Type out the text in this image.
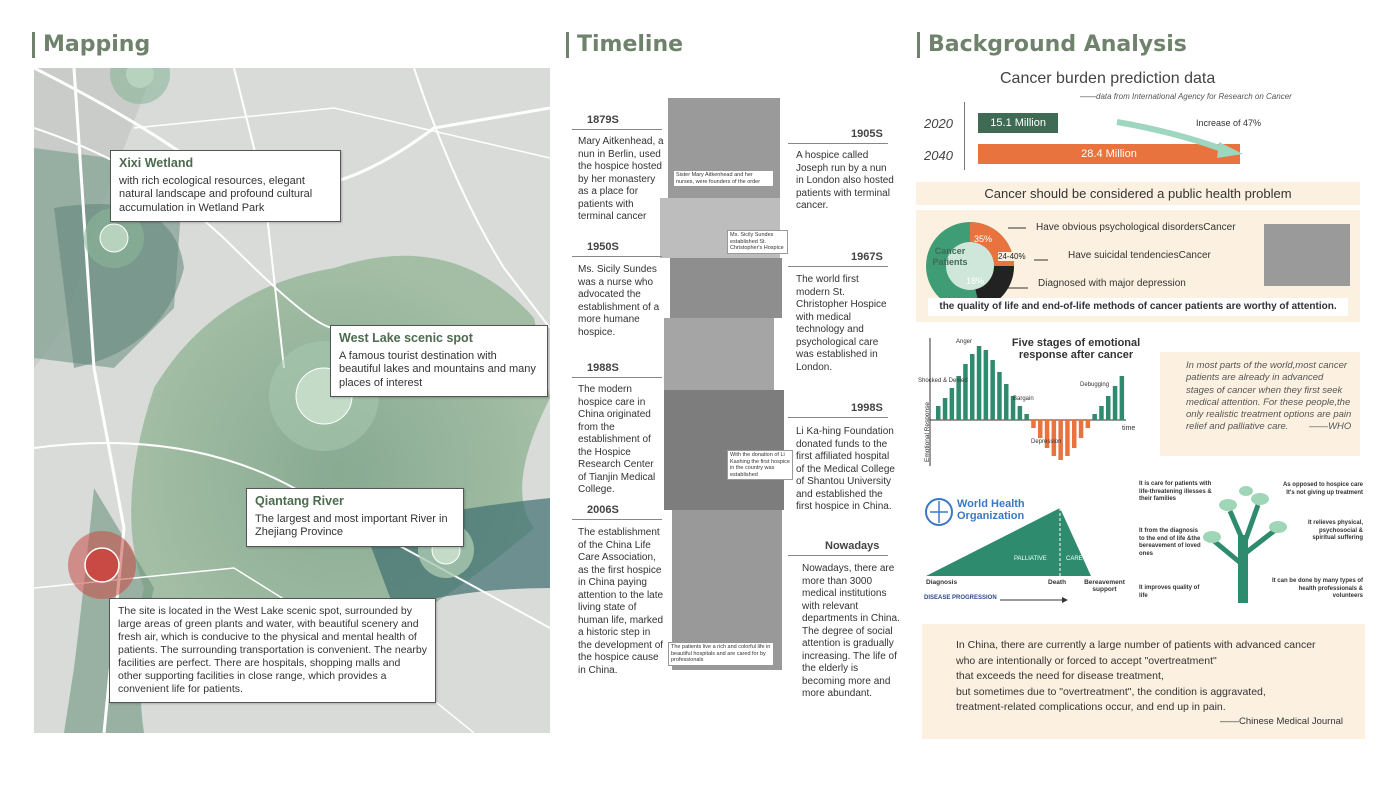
Mapping	Timeline	Background Analysis
Xixi Wetland
with rich ecological resources, elegant natural landscape and profound cultural accumulation in Wetland Park
West Lake scenic spot
A famous tourist destination with beautiful lakes and mountains and many places of interest
Qiantang River
The largest and most important River in Zhejiang Province
The site is located in the West Lake scenic spot, surrounded by large areas of green plants and water, with beautiful scenery and fresh air, which is conducive to the physical and mental health of patients. The surrounding transportation is convenient. The nearby facilities are perfect. There are hospitals, shopping malls and other supporting facilities in close range, which provides a convenient life for patients.
Sister Mary Aitkenhead and her nurses, were founders of the order
Ms. Sicily Sundes established St. Christopher's Hospice
With the donation of Li Kashing the first hospice in the country was established
The patients live a rich and colorful life in beautiful hospitals and are cared for by professionals
1879S
Mary Aitkenhead, a nun in Berlin, used the hospice hosted by her monastery as a place for patients with terminal cancer
1950S
Ms. Sicily Sundes was a nurse who advocated the establishment of a more humane hospice.
1988S
The modern hospice care in China originated from the establishment of the Hospice Research Center of Tianjin Medical College.
2006S
The establishment of the China Life Care Association, as the first hospice in China paying attention to the late living state of human life, marked a historic step in the development of the hospice cause in China.
1905S
A hospice called Joseph run by a nun in London also hosted patients with terminal cancer.
1967S
The world first modern St. Christopher Hospice with medical technology and psychological care was established in London.
1998S
Li Ka-hing Foundation donated funds to the first affiliated hospital of the Medical College of Shantou University and established the first hospice in China.
Nowadays
Nowadays, there are more than 3000 medical institutions with relevant departments in China. The degree of social attention is gradually increasing. The life of the elderly is becoming more and more abundant.
Cancer burden prediction data
——data from International Agency for Research on Cancer
2020
2040
15.1 Million
28.4 Million
Increase of 47%
Cancer should be considered a public health problem
Cancer Patients
35%
24-40%
18%
Have obvious psychological disordersCancer
Have suicidal tendenciesCancer
Diagnosed with major depression
the quality of life and end-of-life methods of cancer patients are worthy of attention.
Five stages of emotional response after cancer
Emotional Response	time
Anger
Shocked & Denied
Bargain
Depression
Debugging
In most parts of the world,most cancer patients are already in advanced stages of cancer when they first seek medical attention. For these people,the only realistic treatment options are pain relief and palliative care. ——WHO
World Health
Organization
PALLIATIVE	CARE
Diagnosis	Death	Bereavement support
DISEASE PROGRESSION
It is care for patients with life-threatening illesses & their families
It from the diagnosis to the end of life &the bereavement of loved ones
It improves quality of life
As opposed to hospice care It's not giving up treatment
It relieves physical, psychosocial & spiritual suffering
It can be done by many types of health professionals & volunteers
In China, there are currently a large number of patients with advanced cancer
who are intentionally or forced to accept "overtreatment"
that exceeds the need for disease treatment,
but sometimes due to "overtreatment", the condition is aggravated,
treatment-related complications occur, and end up in pain.
——Chinese Medical Journal
